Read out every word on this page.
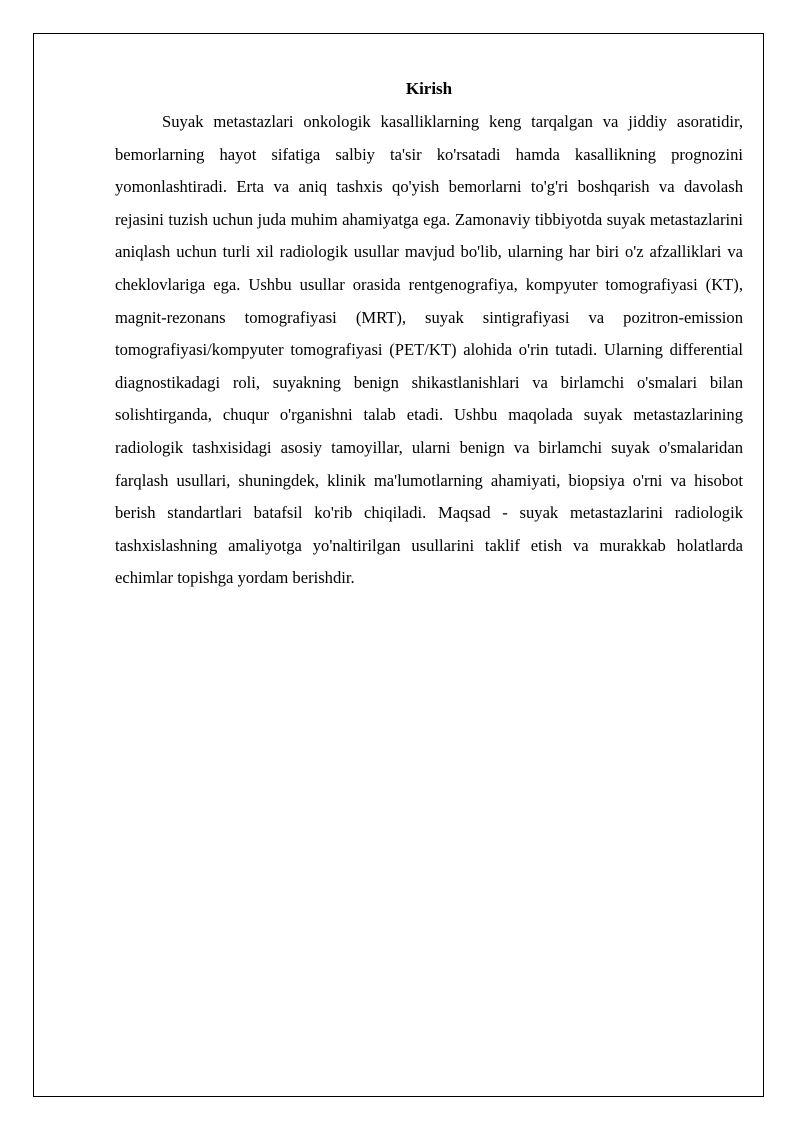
Kirish

Suyak metastazlari onkologik kasalliklarning keng tarqalgan va jiddiy asoratidir, bemorlarning hayot sifatiga salbiy ta'sir ko'rsatadi hamda kasallikning prognozini yomonlashtiradi. Erta va aniq tashxis qo'yish bemorlarni to'g'ri boshqarish va davolash rejasini tuzish uchun juda muhim ahamiyatga ega. Zamonaviy tibbiyotda suyak metastazlarini aniqlash uchun turli xil radiologik usullar mavjud bo'lib, ularning har biri o'z afzalliklari va cheklovlariga ega. Ushbu usullar orasida rentgenografiya, kompyuter tomografiyasi (KT), magnit-rezonans tomografiyasi (MRT), suyak sintigrafiyasi va pozitron-emission tomografiyasi/kompyuter tomografiyasi (PET/KT) alohida o'rin tutadi. Ularning differential diagnostikadagi roli, suyakning benign shikastlanishlari va birlamchi o'smalari bilan solishtirganda, chuqur o'rganishni talab etadi. Ushbu maqolada suyak metastazlarining radiologik tashxisidagi asosiy tamoyillar, ularni benign va birlamchi suyak o'smalaridan farqlash usullari, shuningdek, klinik ma'lumotlarning ahamiyati, biopsiya o'rni va hisobot berish standartlari batafsil ko'rib chiqiladi. Maqsad - suyak metastazlarini radiologik tashxislashning amaliyotga yo'naltirilgan usullarini taklif etish va murakkab holatlarda echimlar topishga yordam berishdir.
